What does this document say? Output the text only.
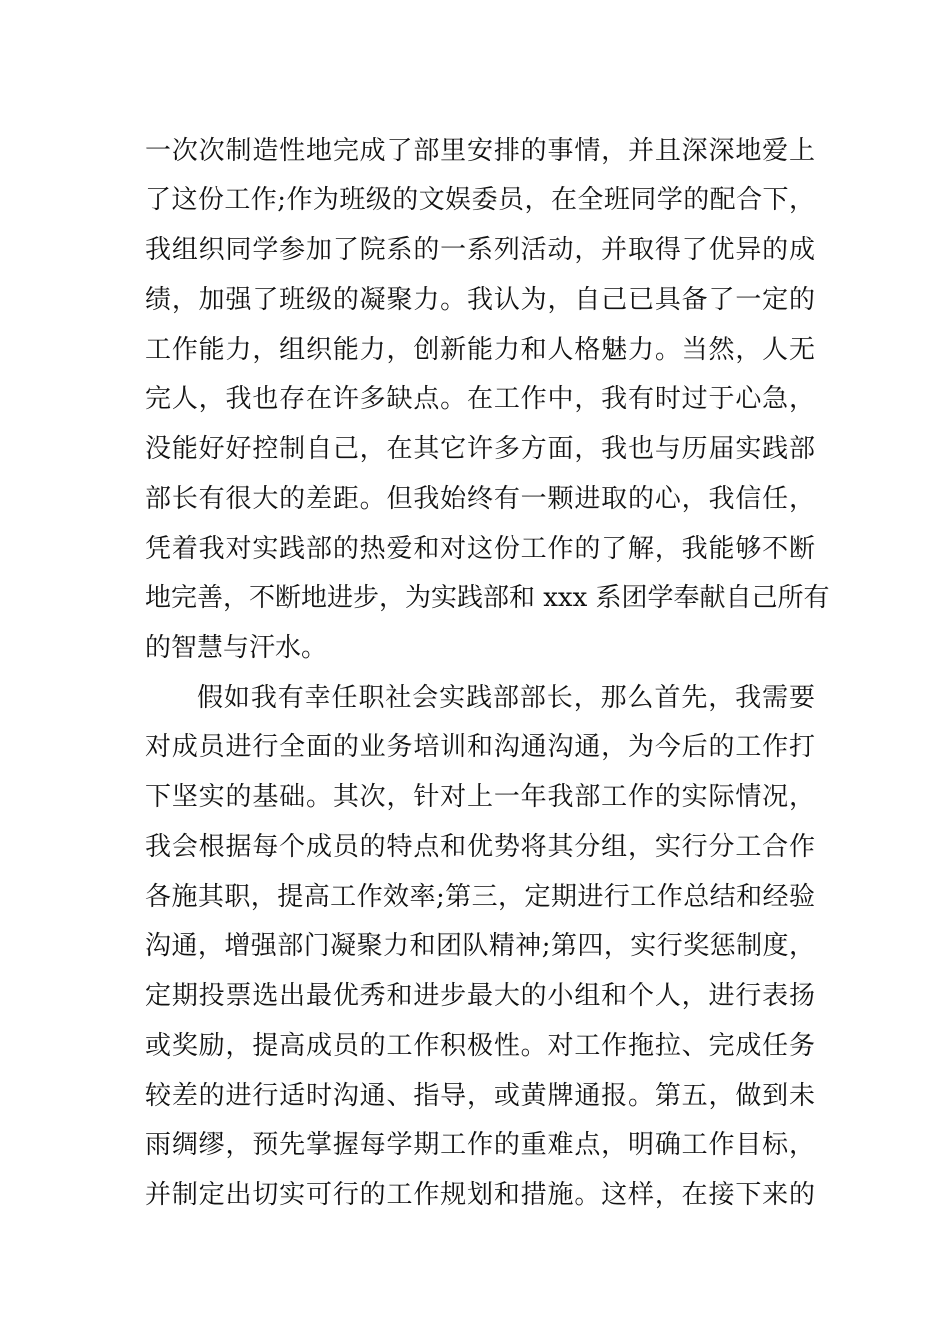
一次次制造性地完成了部里安排的事情，并且深深地爱上
了这份工作;作为班级的文娱委员，在全班同学的配合下，
我组织同学参加了院系的一系列活动，并取得了优异的成
绩，加强了班级的凝聚力。我认为，自己已具备了一定的
工作能力，组织能力，创新能力和人格魅力。当然，人无
完人，我也存在许多缺点。在工作中，我有时过于心急，
没能好好控制自己，在其它许多方面，我也与历届实践部
部长有很大的差距。但我始终有一颗进取的心，我信任，
凭着我对实践部的热爱和对这份工作的了解，我能够不断
地完善，不断地进步，为实践部和 xxx 系团学奉献自己所有
的智慧与汗水。
假如我有幸任职社会实践部部长，那么首先，我需要
对成员进行全面的业务培训和沟通沟通，为今后的工作打
下坚实的基础。其次，针对上一年我部工作的实际情况，
我会根据每个成员的特点和优势将其分组，实行分工合作
各施其职，提高工作效率;第三，定期进行工作总结和经验
沟通，增强部门凝聚力和团队精神;第四，实行奖惩制度，
定期投票选出最优秀和进步最大的小组和个人，进行表扬
或奖励，提高成员的工作积极性。对工作拖拉、完成任务
较差的进行适时沟通、指导，或黄牌通报。第五，做到未
雨绸缪，预先掌握每学期工作的重难点，明确工作目标，
并制定出切实可行的工作规划和措施。这样，在接下来的
